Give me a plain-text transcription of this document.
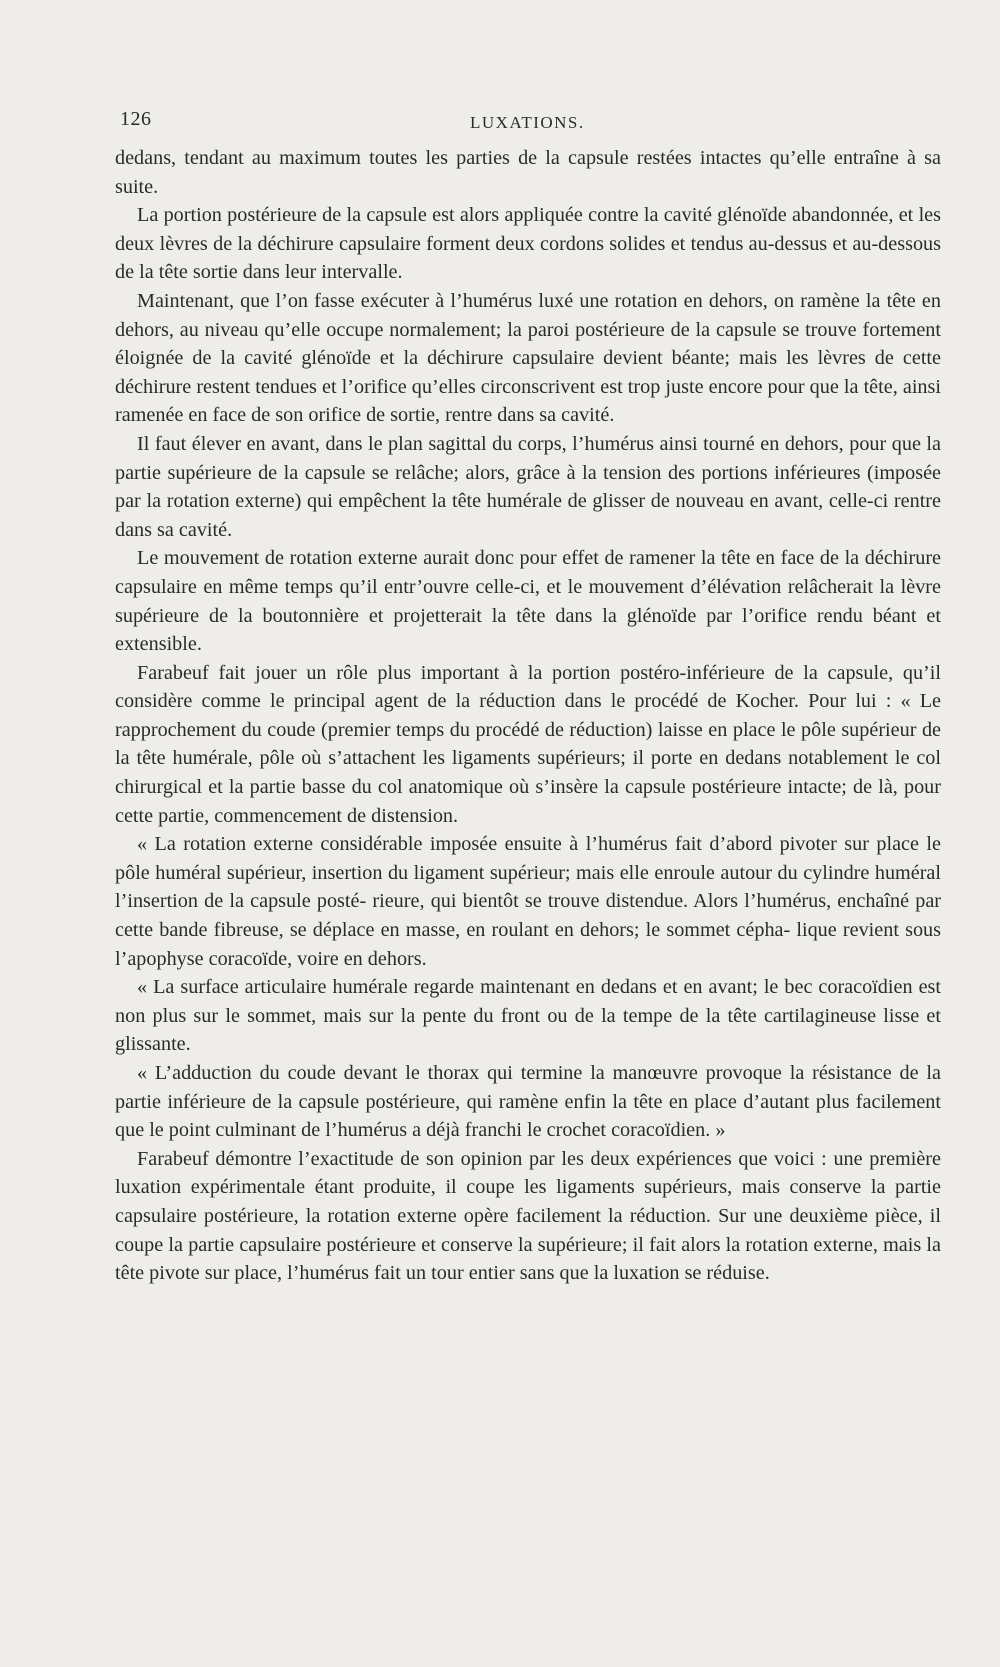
126	LUXATIONS.

dedans, tendant au maximum toutes les parties de la capsule restées intactes qu’elle entraîne à sa suite.

La portion postérieure de la capsule est alors appliquée contre la cavité glénoïde abandonnée, et les deux lèvres de la déchirure capsulaire forment deux cordons solides et tendus au-dessus et au-dessous de la tête sortie dans leur intervalle.

Maintenant, que l’on fasse exécuter à l’humérus luxé une rotation en dehors, on ramène la tête en dehors, au niveau qu’elle occupe normalement; la paroi postérieure de la capsule se trouve fortement éloignée de la cavité glénoïde et la déchirure capsulaire devient béante; mais les lèvres de cette déchirure restent tendues et l’orifice qu’elles circonscrivent est trop juste encore pour que la tête, ainsi ramenée en face de son orifice de sortie, rentre dans sa cavité.

Il faut élever en avant, dans le plan sagittal du corps, l’humérus ainsi tourné en dehors, pour que la partie supérieure de la capsule se relâche; alors, grâce à la tension des portions inférieures (imposée par la rotation externe) qui empêchent la tête humérale de glisser de nouveau en avant, celle-ci rentre dans sa cavité.

Le mouvement de rotation externe aurait donc pour effet de ramener la tête en face de la déchirure capsulaire en même temps qu’il entr’ouvre celle-ci, et le mouvement d’élévation relâcherait la lèvre supérieure de la boutonnière et projetterait la tête dans la glénoïde par l’orifice rendu béant et extensible.

Farabeuf fait jouer un rôle plus important à la portion postéro-inférieure de la capsule, qu’il considère comme le principal agent de la réduction dans le procédé de Kocher. Pour lui : « Le rapprochement du coude (premier temps du procédé de réduction) laisse en place le pôle supérieur de la tête humérale, pôle où s’attachent les ligaments supérieurs; il porte en dedans notablement le col chirurgical et la partie basse du col anatomique où s’insère la capsule postérieure intacte; de là, pour cette partie, commencement de distension.

« La rotation externe considérable imposée ensuite à l’humérus fait d’abord pivoter sur place le pôle huméral supérieur, insertion du ligament supérieur; mais elle enroule autour du cylindre huméral l’insertion de la capsule posté- rieure, qui bientôt se trouve distendue. Alors l’humérus, enchaîné par cette bande fibreuse, se déplace en masse, en roulant en dehors; le sommet cépha- lique revient sous l’apophyse coracoïde, voire en dehors.

« La surface articulaire humérale regarde maintenant en dedans et en avant; le bec coracoïdien est non plus sur le sommet, mais sur la pente du front ou de la tempe de la tête cartilagineuse lisse et glissante.

« L’adduction du coude devant le thorax qui termine la manœuvre provoque la résistance de la partie inférieure de la capsule postérieure, qui ramène enfin la tête en place d’autant plus facilement que le point culminant de l’humérus a déjà franchi le crochet coracoïdien. »

Farabeuf démontre l’exactitude de son opinion par les deux expériences que voici : une première luxation expérimentale étant produite, il coupe les ligaments supérieurs, mais conserve la partie capsulaire postérieure, la rotation externe opère facilement la réduction. Sur une deuxième pièce, il coupe la partie capsulaire postérieure et conserve la supérieure; il fait alors la rotation externe, mais la tête pivote sur place, l’humérus fait un tour entier sans que la luxation se réduise.
